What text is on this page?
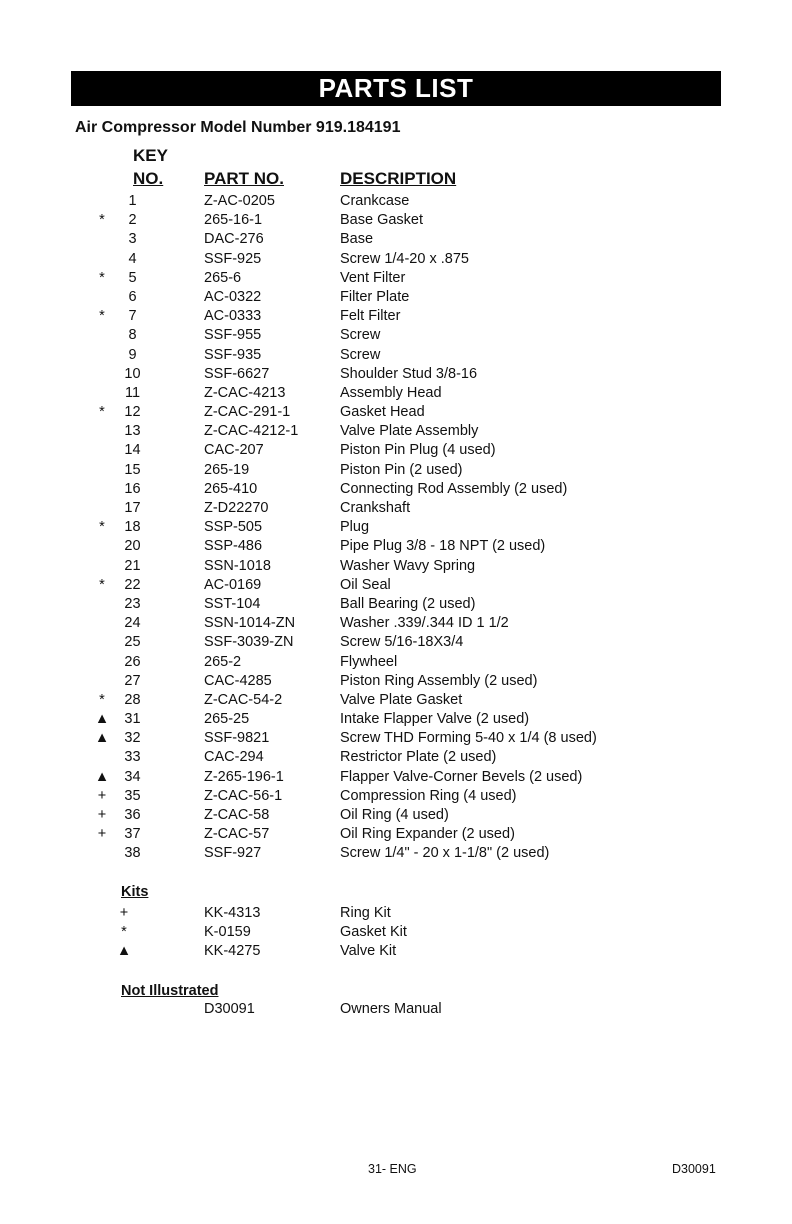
PARTS LIST
Air Compressor Model Number 919.184191
KEY
NO. PART NO.	DESCRIPTION
1	Z-AC-0205	Crankcase
*	2	265-16-1	Base Gasket
3	DAC-276	Base
4	SSF-925	Screw 1/4-20 x .875
*	5	265-6	Vent Filter
6	AC-0322	Filter Plate
*	7	AC-0333	Felt Filter
8	SSF-955	Screw
9	SSF-935	Screw
10	SSF-6627	Shoulder Stud 3/8-16
11	Z-CAC-4213	Assembly Head
*	12	Z-CAC-291-1	Gasket Head
13	Z-CAC-4212-1	Valve Plate Assembly
14	CAC-207	Piston Pin Plug (4 used)
15	265-19	Piston Pin (2 used)
16	265-410	Connecting Rod Assembly (2 used)
17	Z-D22270	Crankshaft
*	18	SSP-505	Plug
20	SSP-486	Pipe Plug 3/8 - 18 NPT (2 used)
21	SSN-1018	Washer Wavy Spring
*	22	AC-0169	Oil Seal
23	SST-104	Ball Bearing (2 used)
24	SSN-1014-ZN	Washer .339/.344 ID 1 1/2
25	SSF-3039-ZN	Screw 5/16-18X3/4
26	265-2	Flywheel
27	CAC-4285	Piston Ring Assembly (2 used)
*	28	Z-CAC-54-2	Valve Plate Gasket
▲	31	265-25	Intake Flapper Valve (2 used)
▲	32	SSF-9821	Screw THD Forming 5-40 x 1/4 (8 used)
33	CAC-294	Restrictor Plate (2 used)
▲	34	Z-265-196-1	Flapper Valve-Corner Bevels (2 used)
+	35	Z-CAC-56-1	Compression Ring (4 used)
+	36	Z-CAC-58	Oil Ring (4 used)
+	37	Z-CAC-57	Oil Ring Expander (2 used)
38	SSF-927	Screw 1/4" - 20 x 1-1/8" (2 used)
Kits
+	KK-4313	Ring Kit
*	K-0159	Gasket Kit
▲	KK-4275	Valve Kit
Not Illustrated
D30091	Owners Manual
31- ENG	D30091
